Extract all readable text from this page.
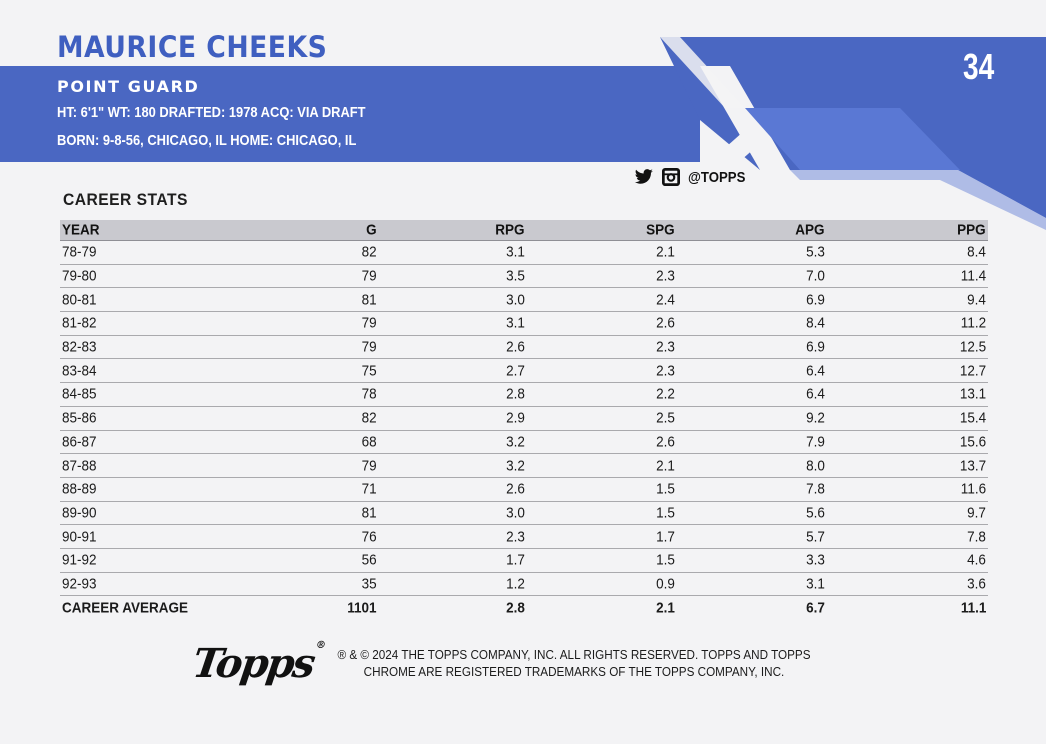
MAURICE CHEEKS
POINT GUARD
HT: 6'1" WT: 180 DRAFTED: 1978 ACQ: VIA DRAFT
BORN: 9-8-56, CHICAGO, IL HOME: CHICAGO, IL
34
@TOPPS
CAREER STATS
YEAR	G	RPG	SPG	APG	PPG
78-79	82	3.1	2.1	5.3	8.4
79-80	79	3.5	2.3	7.0	11.4
80-81	81	3.0	2.4	6.9	9.4
81-82	79	3.1	2.6	8.4	11.2
82-83	79	2.6	2.3	6.9	12.5
83-84	75	2.7	2.3	6.4	12.7
84-85	78	2.8	2.2	6.4	13.1
85-86	82	2.9	2.5	9.2	15.4
86-87	68	3.2	2.6	7.9	15.6
87-88	79	3.2	2.1	8.0	13.7
88-89	71	2.6	1.5	7.8	11.6
89-90	81	3.0	1.5	5.6	9.7
90-91	76	2.3	1.7	5.7	7.8
91-92	56	1.7	1.5	3.3	4.6
92-93	35	1.2	0.9	3.1	3.6
CAREER AVERAGE	1101	2.8	2.1	6.7	11.1
Topps®
® & © 2024 THE TOPPS COMPANY, INC. ALL RIGHTS RESERVED. TOPPS AND TOPPS
CHROME ARE REGISTERED TRADEMARKS OF THE TOPPS COMPANY, INC.
